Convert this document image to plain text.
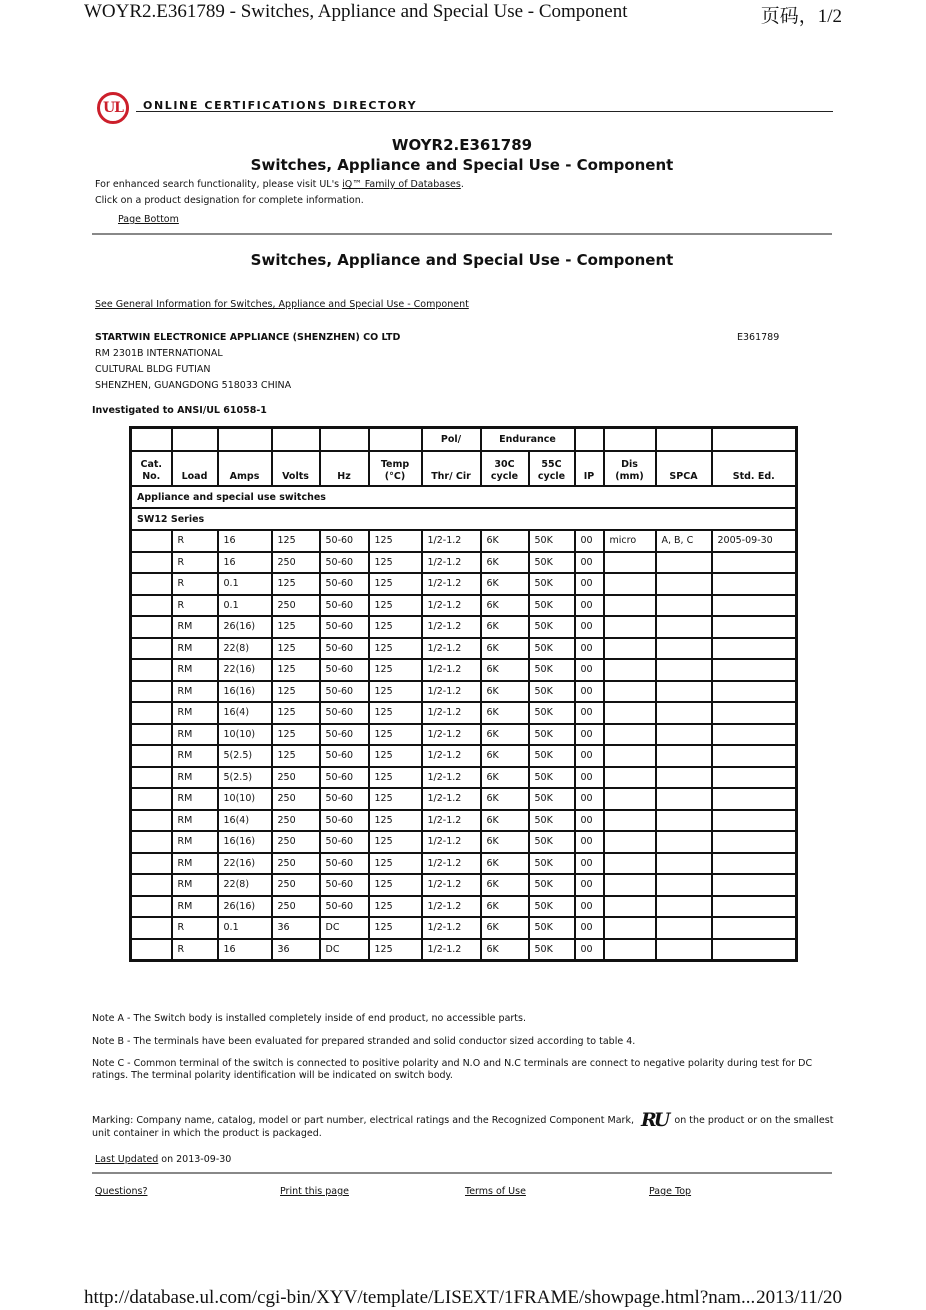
WOYR2.E361789 - Switches, Appliance and Special Use - Component	页码，1/2
http://database.ul.com/cgi-bin/XYV/template/LISEXT/1FRAME/showpage.html?nam... 2013/11/20
UL	ONLINE CERTIFICATIONS DIRECTORY
WOYR2.E361789
Switches, Appliance and Special Use - Component
For enhanced search functionality, please visit UL's iQ™ Family of Databases.
Click on a product designation for complete information.
Page Bottom
Switches, Appliance and Special Use - Component
See General Information for Switches, Appliance and Special Use - Component
STARTWIN ELECTRONICE APPLIANCE (SHENZHEN) CO LTD
RM 2301B INTERNATIONAL
CULTURAL BLDG FUTIAN
SHENZHEN, GUANGDONG 518033 CHINA
E361789
Investigated to ANSI/UL 61058-1
						Pol/	Endurance					
Cat. No.	Load	Amps	Volts	Hz	Temp (°C)	Thr/ Cir	30C cycle	55C cycle	IP	Dis (mm)	SPCA	Std. Ed.
Appliance and special use switches												
SW12 Series												
	R	16	125	50-60	125	1/2-1.2	6K	50K	00	micro	A, B, C	2005-09-30
	R	16	250	50-60	125	1/2-1.2	6K	50K	00			
	R	0.1	125	50-60	125	1/2-1.2	6K	50K	00			
	R	0.1	250	50-60	125	1/2-1.2	6K	50K	00			
	RM	26(16)	125	50-60	125	1/2-1.2	6K	50K	00			
	RM	22(8)	125	50-60	125	1/2-1.2	6K	50K	00			
	RM	22(16)	125	50-60	125	1/2-1.2	6K	50K	00			
	RM	16(16)	125	50-60	125	1/2-1.2	6K	50K	00			
	RM	16(4)	125	50-60	125	1/2-1.2	6K	50K	00			
	RM	10(10)	125	50-60	125	1/2-1.2	6K	50K	00			
	RM	5(2.5)	125	50-60	125	1/2-1.2	6K	50K	00			
	RM	5(2.5)	250	50-60	125	1/2-1.2	6K	50K	00			
	RM	10(10)	250	50-60	125	1/2-1.2	6K	50K	00			
	RM	16(4)	250	50-60	125	1/2-1.2	6K	50K	00			
	RM	16(16)	250	50-60	125	1/2-1.2	6K	50K	00			
	RM	22(16)	250	50-60	125	1/2-1.2	6K	50K	00			
	RM	22(8)	250	50-60	125	1/2-1.2	6K	50K	00			
	RM	26(16)	250	50-60	125	1/2-1.2	6K	50K	00			
	R	0.1	36	DC	125	1/2-1.2	6K	50K	00			
	R	16	36	DC	125	1/2-1.2	6K	50K	00			
Note A - The Switch body is installed completely inside of end product, no accessible parts.
Note B - The terminals have been evaluated for prepared stranded and solid conductor sized according to table 4.
Note C - Common terminal of the switch is connected to positive polarity and N.O and N.C terminals are connect to negative polarity during test for DC ratings. The terminal polarity identification will be indicated on switch body.
Marking: Company name, catalog, model or part number, electrical ratings and the Recognized Component Mark, RU on the product or on the smallest unit container in which the product is packaged.
Last Updated on 2013-09-30
Questions?	Print this page	Terms of Use	Page Top
